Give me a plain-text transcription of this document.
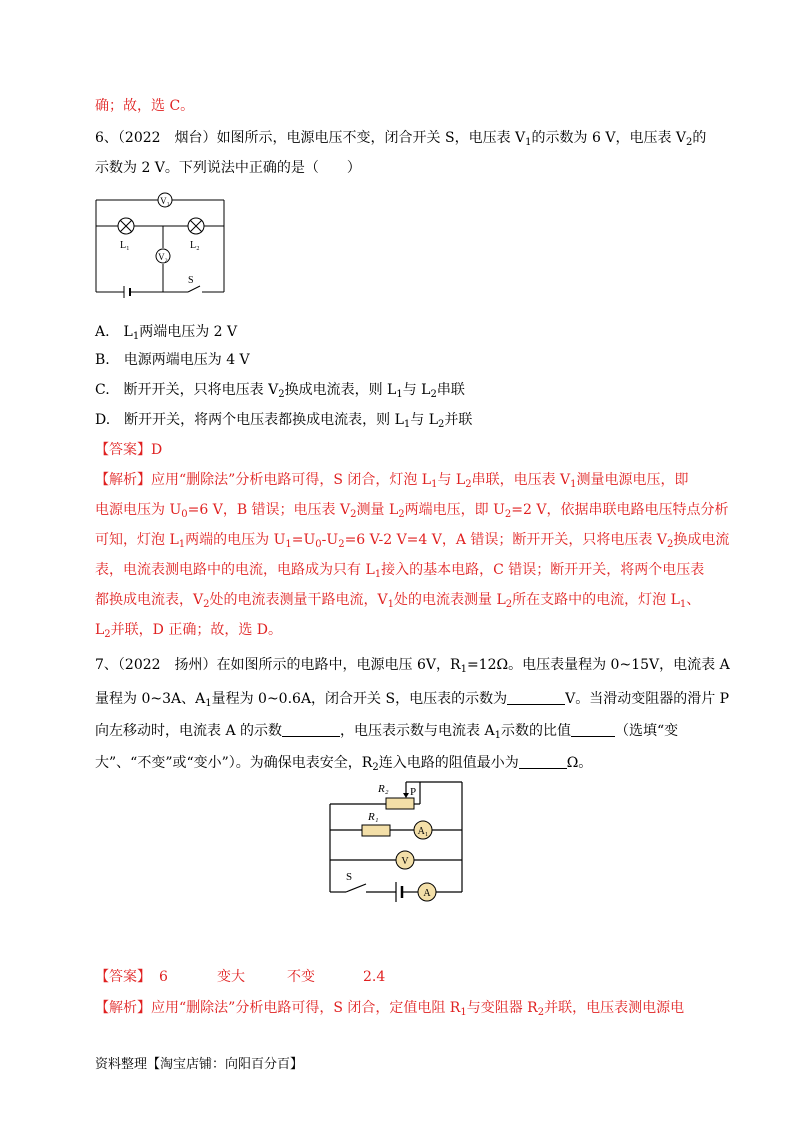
确；故，选 C。
6、（2022　烟台）如图所示，电源电压不变，闭合开关 S，电压表 $V_1$的示数为 6 V，电压表 $V_2$的
示数为 2 V。下列说法中正确的是（　　）
V₁
L₁	L₂
V₂
S
A.　$L_1$两端电压为 2 V
B.　电源两端电压为 4 V
C.　断开开关，只将电压表 $V_2$换成电流表，则 $L_1$与 $L_2$串联
D.　断开开关，将两个电压表都换成电流表，则 $L_1$与 $L_2$并联
【答案】D
【解析】应用“删除法”分析电路可得，S 闭合，灯泡 $L_1$与 $L_2$串联，电压表 $V_1$测量电源电压，即
电源电压为 $U_0=6$ V，B 错误；电压表 $V_2$测量 $L_2$两端电压，即 $U_2=2$ V，依据串联电路电压特点分析
可知，灯泡 $L_1$两端的电压为 $U_1=U_0-U_2=6$ V-2 V=4 V，A 错误；断开开关，只将电压表 $V_2$换成电流
表，电流表测电路中的电流，电路成为只有 $L_1$接入的基本电路，C 错误；断开开关，将两个电压表
都换成电流表，$V_2$处的电流表测量干路电流，$V_1$处的电流表测量 $L_2$所在支路中的电流，灯泡 $L_1$、
$L_2$并联，D 正确；故，选 D。
7、（2022　扬州）在如图所示的电路中，电源电压 6V，$R_1=12\Omega$。电压表量程为 0~15V，电流表 A
量程为 0~3A、$A_1$量程为 0~0.6A，闭合开关 S，电压表的示数为	V。当滑动变阻器的滑片 P
向左移动时，电流表 A 的示数	，电压表示数与电流表 $A_1$示数的比值	（选填“变
大”、“不变”或“变小”）。为确保电表安全，$R_2$连入电路的阻值最小为	Ω。
R₂ P
R₁
A₁
V
S
A
【答案】 6	变大	不变	2.4
【解析】应用“删除法”分析电路可得，S 闭合，定值电阻 $R_1$与变阻器 $R_2$并联，电压表测电源电
资料整理【淘宝店铺：向阳百分百】
